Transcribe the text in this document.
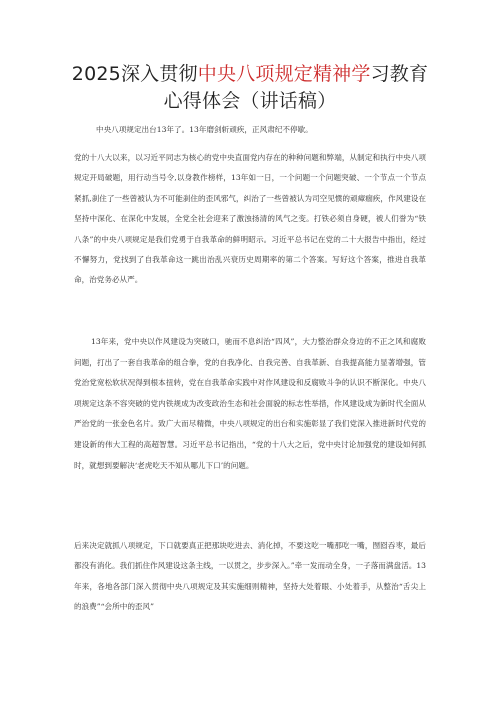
2025深入贯彻中央八项规定精神学习教育
心得体会（讲话稿）

中央八项规定出台13年了。13年磨剑斩顽疾，正风肃纪不停歇。

党的十八大以来，以习近平同志为核心的党中央直面党内存在的种种问题和弊端，从制定和执行中央八项规定开局破题，用行动当号令,以身教作榜样，13年如一日，一个问题一个问题突破、一个节点一个节点紧抓,刹住了一些曾被认为不可能刹住的歪风邪气，纠治了一些曾被认为司空见惯的顽瘴痼疾，作风建设在坚持中深化、在深化中发展，全党全社会迎来了激浊扬清的风气之变。打铁必须自身硬，被人们誉为“铁八条”的中央八项规定是我们党勇于自我革命的鲜明昭示。习近平总书记在党的二十大报告中指出，经过不懈努力，党找到了自我革命这一跳出治乱兴衰历史周期率的第二个答案。写好这个答案，推进自我革命，治党务必从严。

13年来，党中央以作风建设为突破口，驰而不息纠治“四风”，大力整治群众身边的不正之风和腐败问题，打出了一套自我革命的组合拳，党的自我净化、自我完善、自我革新、自我提高能力显著增强，管党治党宽松软状况得到根本扭转，党在自我革命实践中对作风建设和反腐败斗争的认识不断深化。中央八项规定这条不容突破的党内铁规成为改变政治生态和社会面貌的标志性举措，作风建设成为新时代全面从严治党的一张金色名片。致广大而尽精微，中央八项规定的出台和实施彰显了我们党深入推进新时代党的建设新的伟大工程的高超智慧。习近平总书记指出，“党的十八大之后，党中央讨论加强党的建设如何抓时，就想到要解决‘老虎吃天不知从哪儿下口’的问题。

后来决定就抓八项规定，下口就要真正把那块吃进去、消化掉，不要这吃一嘴那吃一嘴，囫囵吞枣，最后都没有消化。我们抓住作风建设这条主线，一以贯之，步步深入。”牵一发而动全身，一子落而满盘活。13年来，各地各部门深入贯彻中央八项规定及其实施细则精神，坚持大处着眼、小处着手，从整治“舌尖上的浪费”“会所中的歪风”
